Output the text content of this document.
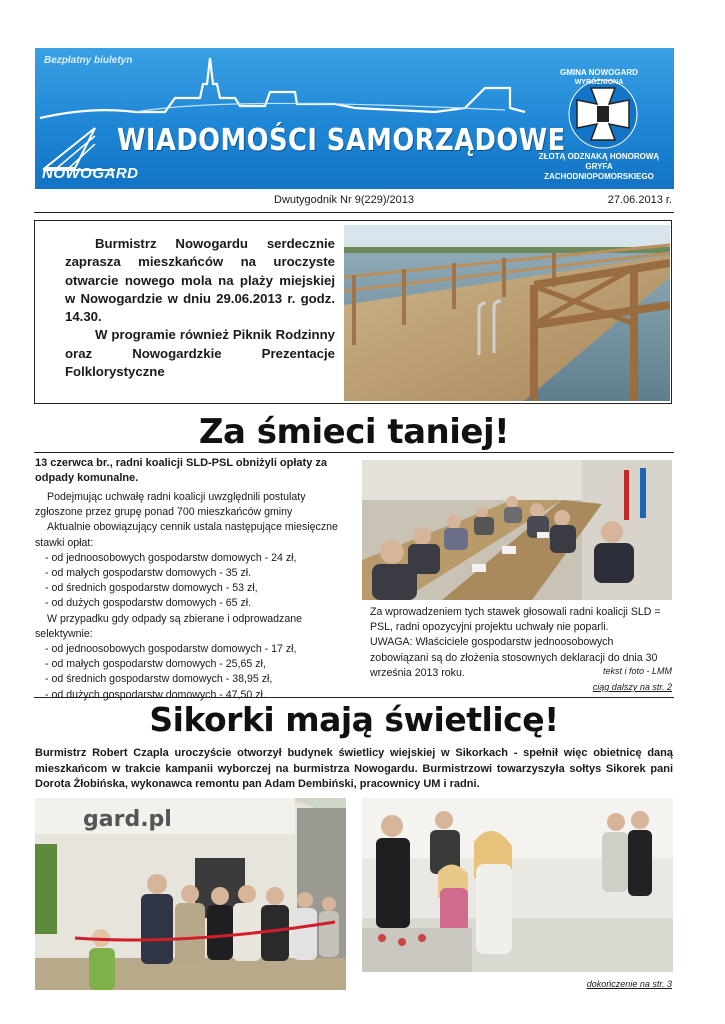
Bezpłatny biuletyn
WIADOMOŚCI SAMORZĄDOWE
NOWOGARD
GMINA NOWOGARD
WYRÓŻNIONA
ZŁOTĄ ODZNAKĄ HONOROWĄ
GRYFA
ZACHODNIOPOMORSKIEGO
Dwutygodnik Nr 9(229)/2013	27.06.2013 r.

Burmistrz Nowogardu serdecznie zaprasza mieszkańców na uroczyste otwarcie nowego mola na plaży miejskiej w Nowogardzie w dniu 29.06.2013 r. godz. 14.30.

W programie również Piknik Rodzinny oraz Nowogardzkie Prezentacje Folklorystyczne

Za śmieci taniej!
13 czerwca br., radni koalicji SLD-PSL obniżyli opłaty za odpady komunalne.
Podejmując uchwałę radni koalicji uwzględnili postulaty zgłoszone przez grupę ponad 700 mieszkańców gminy
Aktualnie obowiązujący cennik ustala następujące miesięczne stawki opłat:
- od jednoosobowych gospodarstw domowych - 24 zł,
- od małych gospodarstw domowych - 35 zł.
- od średnich gospodarstw domowych - 53 zł,
- od dużych gospodarstw domowych - 65 zł.
W przypadku gdy odpady są zbierane i odprowadzane selektywnie:
- od jednoosobowych gospodarstw domowych - 17 zł,
- od małych gospodarstw domowych - 25,65 zł,
- od średnich gospodarstw domowych - 38,95 zł,
- od dużych gospodarstw domowych - 47,50 zł.
Za wprowadzeniem tych stawek głosowali radni koalicji SLD = PSL, radni opozycyjni projektu uchwały nie poparli.
UWAGA: Właściciele gospodarstw jednoosobowych zobowiązani są do złożenia stosownych deklaracji do dnia 30 września 2013 roku.	tekst i foto - LMM
ciąg dalszy na str. 2
Sikorki mają świetlicę!
Burmistrz Robert Czapla uroczyście otworzył budynek świetlicy wiejskiej w Sikorkach - spełnił więc obietnicę daną mieszkańcom w trakcie kampanii wyborczej na burmistrza Nowogardu. Burmistrzowi towarzyszyła sołtys Sikorek pani Dorota Żłobińska, wykonawca remontu pan Adam Dembiński, pracownicy UM i radni.
gard.pl
dokończenie na str. 3
